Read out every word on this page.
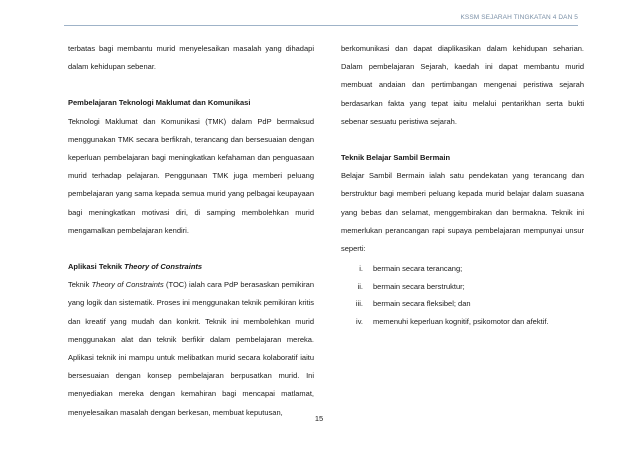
KSSM SEJARAH TINGKATAN 4 DAN 5

terbatas bagi membantu murid menyelesaikan masalah yang dihadapi dalam kehidupan sebenar.

Pembelajaran Teknologi Maklumat dan Komunikasi

Teknologi Maklumat dan Komunikasi (TMK) dalam PdP bermaksud menggunakan TMK secara berfikrah, terancang dan bersesuaian dengan keperluan pembelajaran bagi meningkatkan kefahaman dan penguasaan murid terhadap pelajaran. Penggunaan TMK juga memberi peluang pembelajaran yang sama kepada semua murid yang pelbagai keupayaan bagi meningkatkan motivasi diri, di samping membolehkan murid mengamalkan pembelajaran kendiri.

Aplikasi Teknik Theory of Constraints

Teknik Theory of Constraints (TOC) ialah cara PdP berasaskan pemikiran yang logik dan sistematik. Proses ini menggunakan teknik pemikiran kritis dan kreatif yang mudah dan konkrit. Teknik ini membolehkan murid menggunakan alat dan teknik berfikir dalam pembelajaran mereka. Aplikasi teknik ini mampu untuk melibatkan murid secara kolaboratif iaitu bersesuaian dengan konsep pembelajaran berpusatkan murid. Ini menyediakan mereka dengan kemahiran bagi mencapai matlamat, menyelesaikan masalah dengan berkesan, membuat keputusan,

berkomunikasi dan dapat diaplikasikan dalam kehidupan seharian. Dalam pembelajaran Sejarah, kaedah ini dapat membantu murid membuat andaian dan pertimbangan mengenai peristiwa sejarah berdasarkan fakta yang tepat iaitu melalui pentarikhan serta bukti sebenar sesuatu peristiwa sejarah.

Teknik Belajar Sambil Bermain

Belajar Sambil Bermain ialah satu pendekatan yang terancang dan berstruktur bagi memberi peluang kepada murid belajar dalam suasana yang bebas dan selamat, menggembirakan dan bermakna. Teknik ini memerlukan perancangan rapi supaya pembelajaran mempunyai unsur seperti:

i.	bermain secara terancang;
ii.	bermain secara berstruktur;
iii.	bermain secara fleksibel; dan
iv.	memenuhi keperluan kognitif, psikomotor dan afektif.
15
